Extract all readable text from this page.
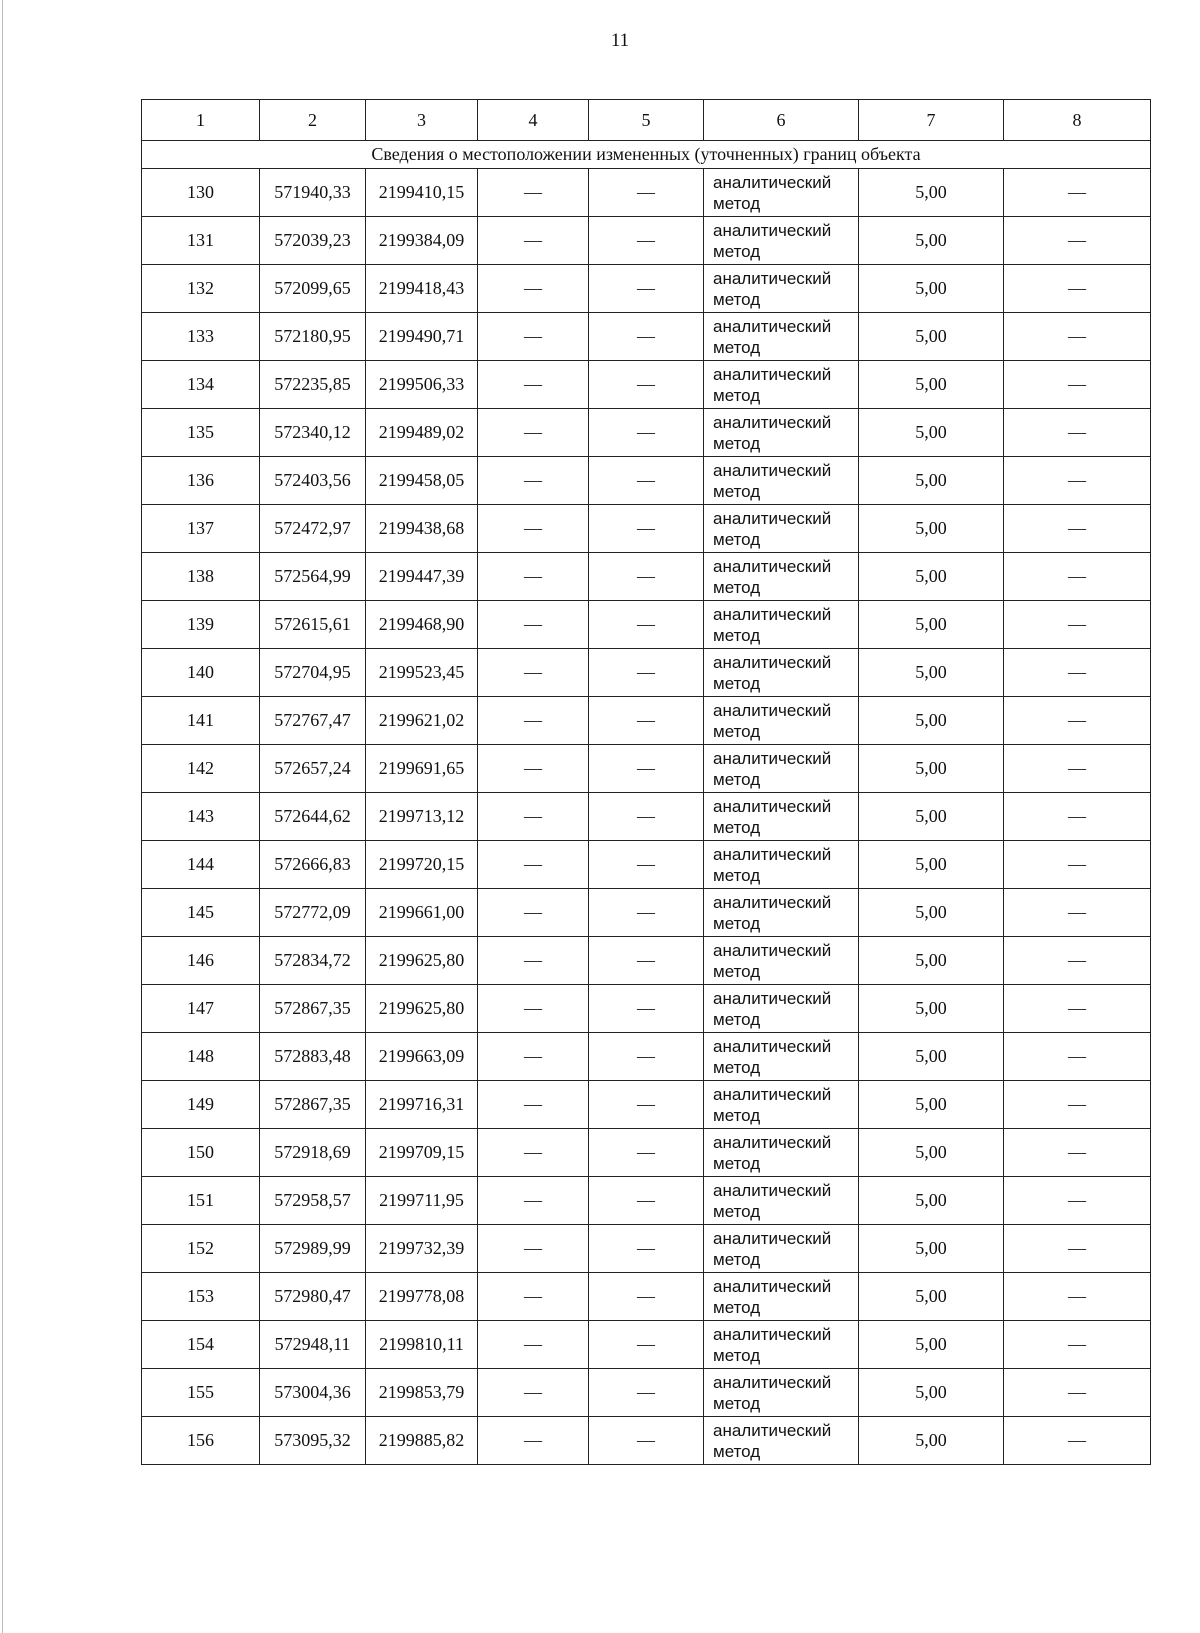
11
1	2	3	4	5	6	7	8
Сведения о местоположении измененных (уточненных) границ объекта							
130	571940,33	2199410,15	—	—	аналитический метод	5,00	—
131	572039,23	2199384,09	—	—	аналитический метод	5,00	—
132	572099,65	2199418,43	—	—	аналитический метод	5,00	—
133	572180,95	2199490,71	—	—	аналитический метод	5,00	—
134	572235,85	2199506,33	—	—	аналитический метод	5,00	—
135	572340,12	2199489,02	—	—	аналитический метод	5,00	—
136	572403,56	2199458,05	—	—	аналитический метод	5,00	—
137	572472,97	2199438,68	—	—	аналитический метод	5,00	—
138	572564,99	2199447,39	—	—	аналитический метод	5,00	—
139	572615,61	2199468,90	—	—	аналитический метод	5,00	—
140	572704,95	2199523,45	—	—	аналитический метод	5,00	—
141	572767,47	2199621,02	—	—	аналитический метод	5,00	—
142	572657,24	2199691,65	—	—	аналитический метод	5,00	—
143	572644,62	2199713,12	—	—	аналитический метод	5,00	—
144	572666,83	2199720,15	—	—	аналитический метод	5,00	—
145	572772,09	2199661,00	—	—	аналитический метод	5,00	—
146	572834,72	2199625,80	—	—	аналитический метод	5,00	—
147	572867,35	2199625,80	—	—	аналитический метод	5,00	—
148	572883,48	2199663,09	—	—	аналитический метод	5,00	—
149	572867,35	2199716,31	—	—	аналитический метод	5,00	—
150	572918,69	2199709,15	—	—	аналитический метод	5,00	—
151	572958,57	2199711,95	—	—	аналитический метод	5,00	—
152	572989,99	2199732,39	—	—	аналитический метод	5,00	—
153	572980,47	2199778,08	—	—	аналитический метод	5,00	—
154	572948,11	2199810,11	—	—	аналитический метод	5,00	—
155	573004,36	2199853,79	—	—	аналитический метод	5,00	—
156	573095,32	2199885,82	—	—	аналитический метод	5,00	—
